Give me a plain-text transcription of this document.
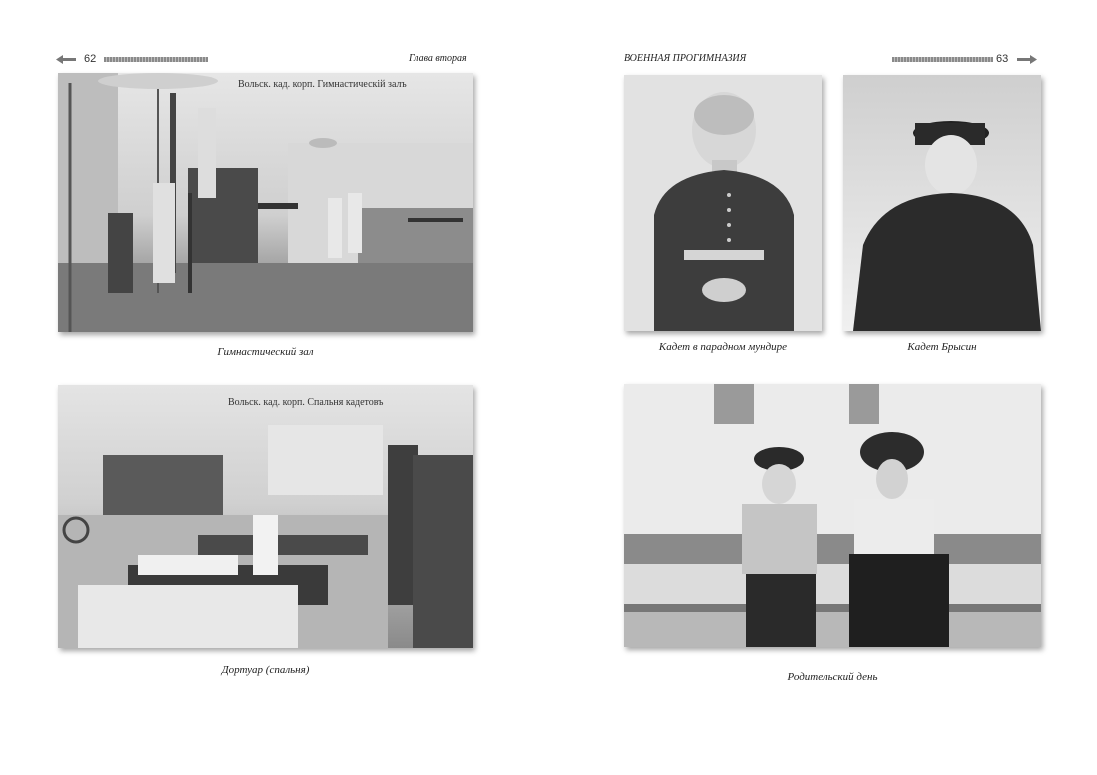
62	Глава вторая
Вольск. кад. корп. Гимнастическій залъ
Гимнастический зал
Вольск. кад. корп. Спальня кадетовъ
Дортуар (спальня)
ВОЕННАЯ ПРОГИМНАЗИЯ	63
Кадет в парадном мундире	Кадет Брысин
Родительский день
